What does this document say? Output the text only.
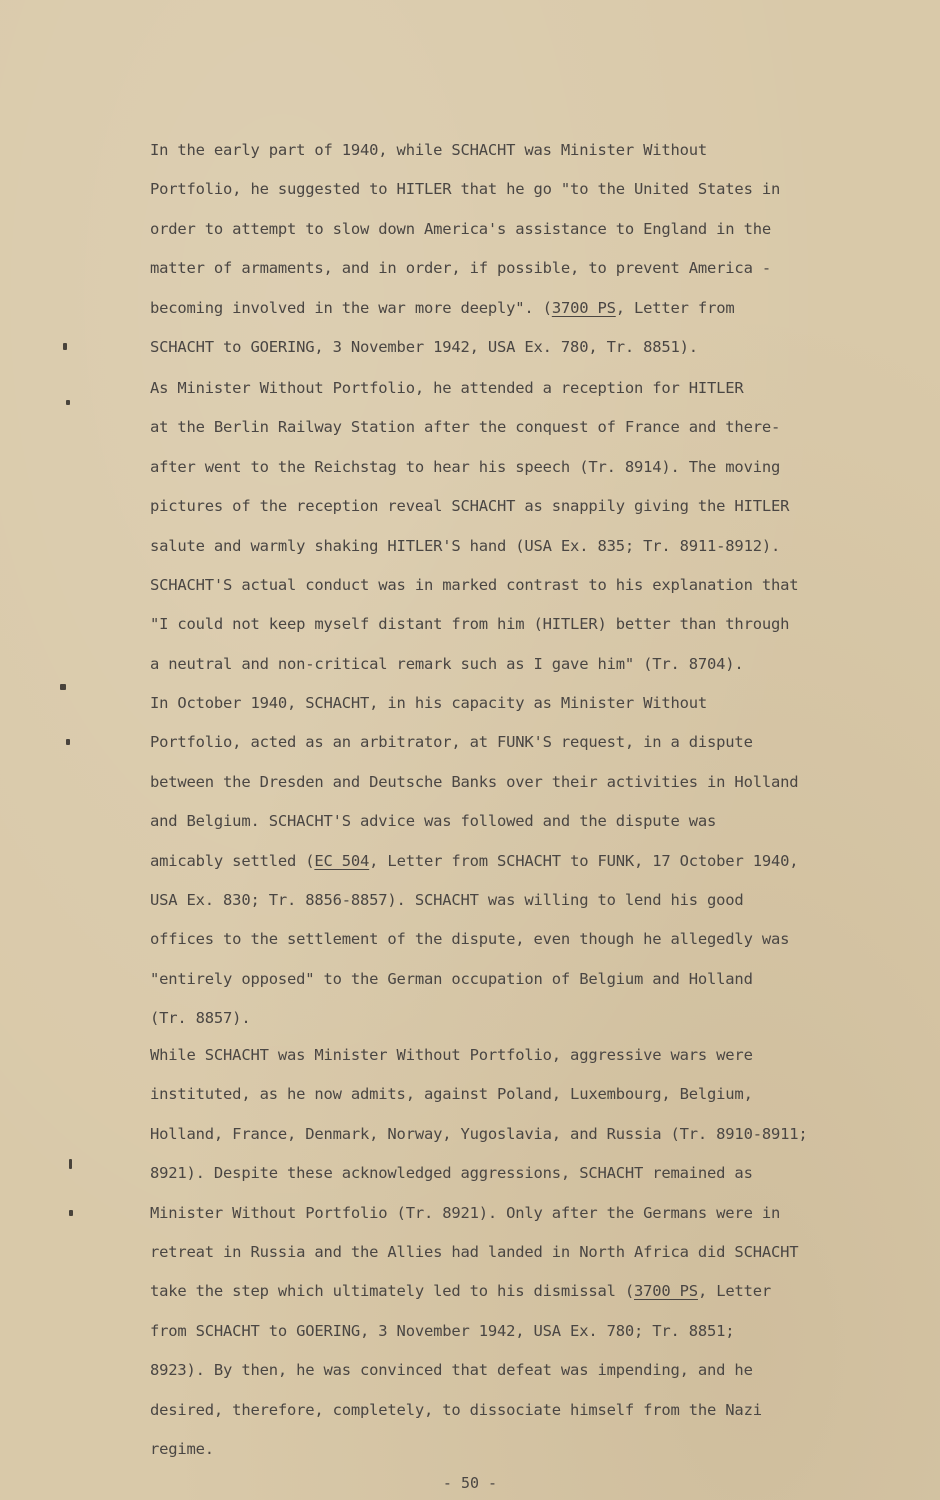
In the early part of 1940, while SCHACHT was Minister Without
Portfolio, he suggested to HITLER that he go "to the United States in
order to attempt to slow down America's assistance to England in the
matter of armaments, and in order, if possible, to prevent America -
becoming involved in the war more deeply". (3700 PS, Letter from
SCHACHT to GOERING, 3 November 1942, USA Ex. 780, Tr. 8851).
As Minister Without Portfolio, he attended a reception for HITLER
at the Berlin Railway Station after the conquest of France and there-
after went to the Reichstag to hear his speech (Tr. 8914). The moving
pictures of the reception reveal SCHACHT as snappily giving the HITLER
salute and warmly shaking HITLER'S hand (USA Ex. 835; Tr. 8911-8912).
SCHACHT'S actual conduct was in marked contrast to his explanation that
"I could not keep myself distant from him (HITLER) better than through
a neutral and non-critical remark such as I gave him" (Tr. 8704).
In October 1940, SCHACHT, in his capacity as Minister Without
Portfolio, acted as an arbitrator, at FUNK'S request, in a dispute
between the Dresden and Deutsche Banks over their activities in Holland
and Belgium. SCHACHT'S advice was followed and the dispute was
amicably settled (EC 504, Letter from SCHACHT to FUNK, 17 October 1940,
USA Ex. 830; Tr. 8856-8857). SCHACHT was willing to lend his good
offices to the settlement of the dispute, even though he allegedly was
"entirely opposed" to the German occupation of Belgium and Holland
(Tr. 8857).
While SCHACHT was Minister Without Portfolio, aggressive wars were
instituted, as he now admits, against Poland, Luxembourg, Belgium,
Holland, France, Denmark, Norway, Yugoslavia, and Russia (Tr. 8910-8911;
8921). Despite these acknowledged aggressions, SCHACHT remained as
Minister Without Portfolio (Tr. 8921). Only after the Germans were in
retreat in Russia and the Allies had landed in North Africa did SCHACHT
take the step which ultimately led to his dismissal (3700 PS, Letter
from SCHACHT to GOERING, 3 November 1942, USA Ex. 780; Tr. 8851;
8923). By then, he was convinced that defeat was impending, and he
desired, therefore, completely, to dissociate himself from the Nazi
regime.
- 50 -
